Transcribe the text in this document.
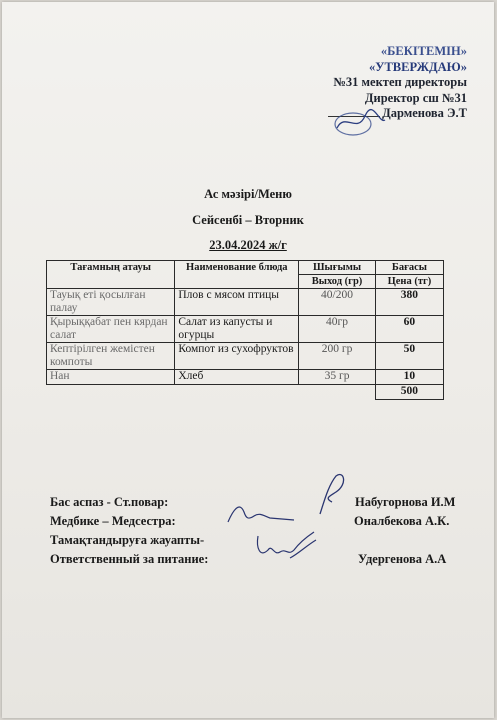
«БЕКІТЕМІН»
«УТВЕРЖДАЮ»
№31 мектеп директоры
Директор сш №31
Дарменова Э.Т
Ас мәзірі/Меню
Сейсенбі – Вторник
23.04.2024 ж/г
Тағамның атауы	Наименование блюда	Шығымы	Бағасы
		Выход (гр)	Цена (тг)
Тауық еті қосылған палау	Плов с мясом птицы	40/200	380
Қырыққабат пен кярдан салат	Салат из капусты и огурцы	40гр	60
Кептірілген жемістен компоты	Компот из сухофруктов	200 гр	50
Нан	Хлеб	35 гр	10
			500
Бас аспаз - Ст.повар:	Набугорнова И.М
Медбике – Медсестра:	Оналбекова А.К.
Тамақтандыруға жауапты-
Ответственный за питание:	Удергенова А.А
